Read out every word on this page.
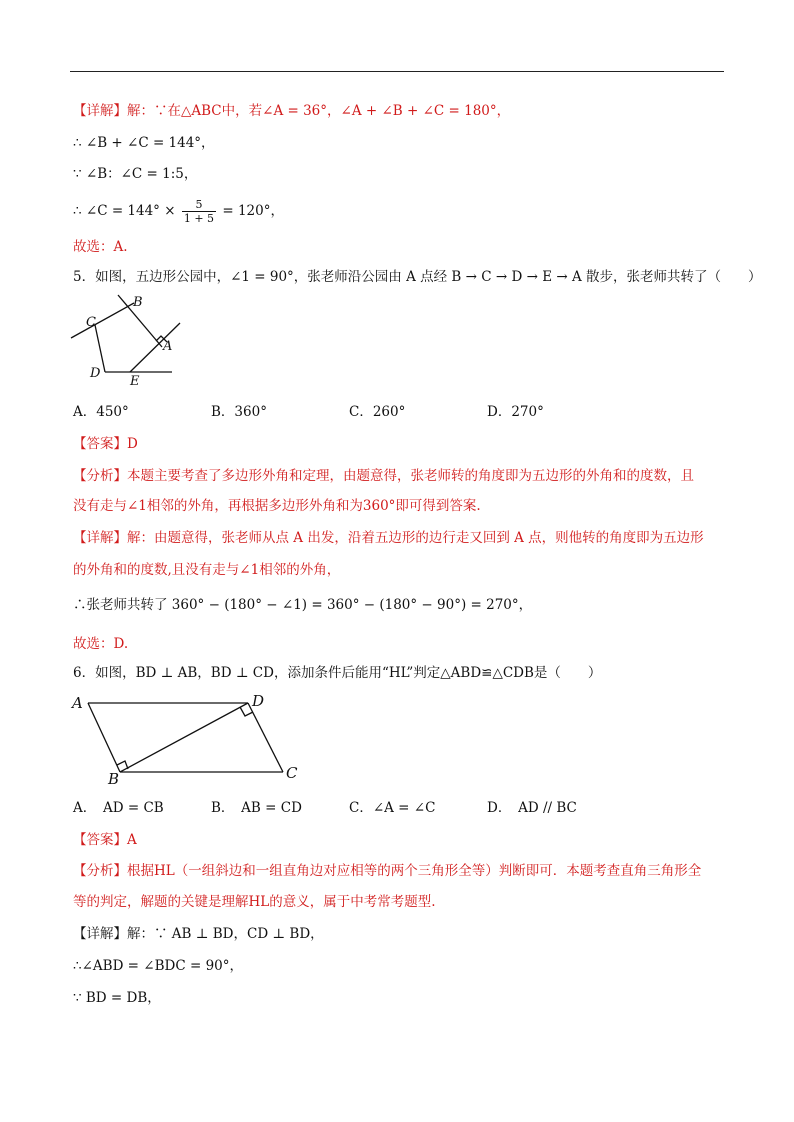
【详解】解：∵在△ABC中，若∠A = 36°，∠A + ∠B + ∠C = 180°，
∴ ∠B + ∠C = 144°，
∵ ∠B：∠C = 1:5，
∴ ∠C = $144^\circ \times \frac{5}{1 + 5} = 120^\circ$，
故选：A.
5．如图，五边形公园中，∠1 = 90°，张老师沿公园由 A 点经 B → C → D → E → A 散步，张老师共转了（　　）
B
C
A
D
E
A．450°	B．360°	C．260°	D．270°
【答案】D
【分析】本题主要考查了多边形外角和定理，由题意得，张老师转的角度即为五边形的外角和的度数，且
没有走与∠1相邻的外角，再根据多边形外角和为360°即可得到答案.
【详解】解：由题意得，张老师从点 A 出发，沿着五边形的边行走又回到 A 点，则他转的角度即为五边形
的外角和的度数,且没有走与∠1相邻的外角，
∴张老师共转了 360° − (180° − ∠1) = 360° − (180° − 90°) = 270°，
故选：D.
6．如图，BD ⊥ AB，BD ⊥ CD，添加条件后能用“HL”判定△ABD≌△CDB是（　　）
A	D
B	C
A．　AD = CB	B．　AB = CD	C．∠A = ∠C	D．　AD // BC
【答案】A
【分析】根据HL（一组斜边和一组直角边对应相等的两个三角形全等）判断即可．本题考查直角三角形全
等的判定，解题的关键是理解HL的意义，属于中考常考题型.
【详解】解：∵ AB ⊥ BD，CD ⊥ BD，
∴∠ABD = ∠BDC = 90°，
∵ BD = DB，
